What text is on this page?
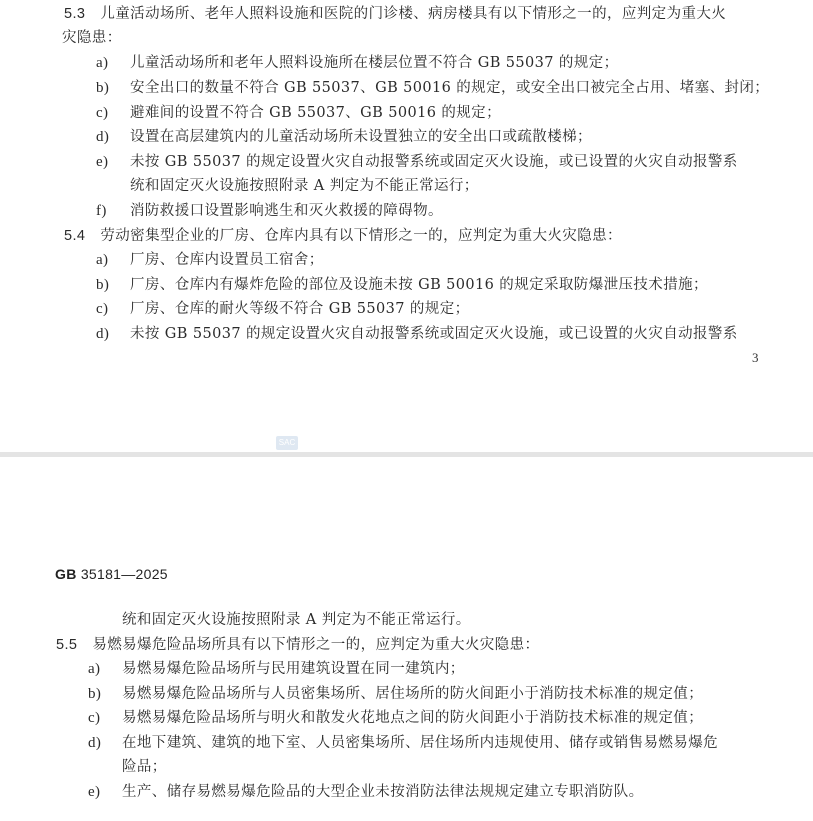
5.3 儿童活动场所、老年人照料设施和医院的门诊楼、病房楼具有以下情形之一的，应判定为重大火
灾隐患：
a) 儿童活动场所和老年人照料设施所在楼层位置不符合 GB 55037 的规定；
b) 安全出口的数量不符合 GB 55037、GB 50016 的规定，或安全出口被完全占用、堵塞、封闭；
c) 避难间的设置不符合 GB 55037、GB 50016 的规定；
d) 设置在高层建筑内的儿童活动场所未设置独立的安全出口或疏散楼梯；
e) 未按 GB 55037 的规定设置火灾自动报警系统或固定灭火设施，或已设置的火灾自动报警系
统和固定灭火设施按照附录 A 判定为不能正常运行；
f) 消防救援口设置影响逃生和灭火救援的障碍物。
5.4 劳动密集型企业的厂房、仓库内具有以下情形之一的，应判定为重大火灾隐患：
a) 厂房、仓库内设置员工宿舍；
b) 厂房、仓库内有爆炸危险的部位及设施未按 GB 50016 的规定采取防爆泄压技术措施；
c) 厂房、仓库的耐火等级不符合 GB 55037 的规定；
d) 未按 GB 55037 的规定设置火灾自动报警系统或固定灭火设施，或已设置的火灾自动报警系
3
SAC
GB 35181—2025
统和固定灭火设施按照附录 A 判定为不能正常运行。
5.5 易燃易爆危险品场所具有以下情形之一的，应判定为重大火灾隐患：
a) 易燃易爆危险品场所与民用建筑设置在同一建筑内；
b) 易燃易爆危险品场所与人员密集场所、居住场所的防火间距小于消防技术标准的规定值；
c) 易燃易爆危险品场所与明火和散发火花地点之间的防火间距小于消防技术标准的规定值；
d) 在地下建筑、建筑的地下室、人员密集场所、居住场所内违规使用、储存或销售易燃易爆危
险品；
e) 生产、储存易燃易爆危险品的大型企业未按消防法律法规规定建立专职消防队。
